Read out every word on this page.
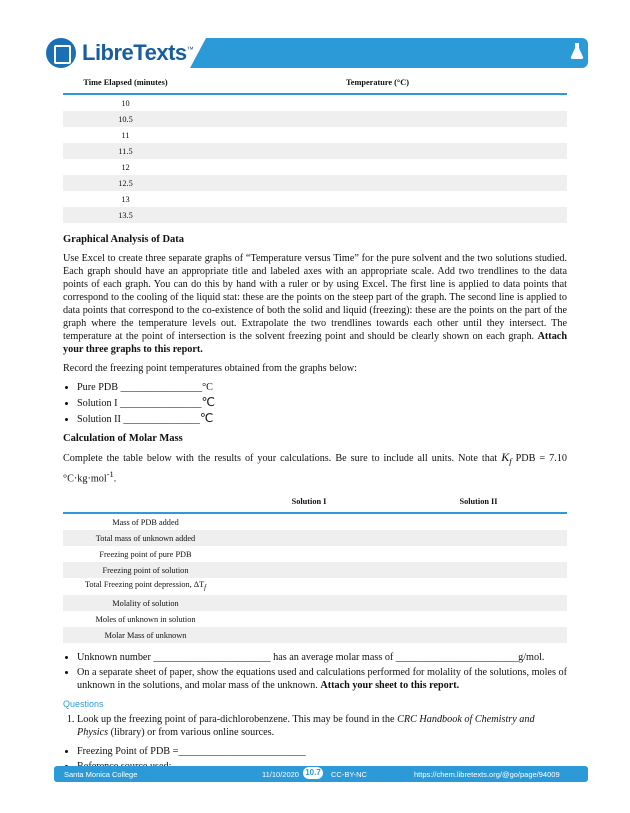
LibreTexts™
CHEMISTRY
Time Elapsed (minutes)	Temperature (°C)
10	
10.5	
11	
11.5	
12	
12.5	
13	
13.5	
Graphical Analysis of Data

Use Excel to create three separate graphs of “Temperature versus Time” for the pure solvent and the two solutions studied. Each graph should have an appropriate title and labeled axes with an appropriate scale. Add two trendlines to the data points of each graph. You can do this by hand with a ruler or by using Excel. The first line is applied to data points that correspond to the cooling of the liquid stat: these are the points on the steep part of the graph. The second line is applied to data points that correspond to the co-existence of both the solid and liquid (freezing): these are the points on the part of the graph where the temperature levels out. Extrapolate the two trendlines towards each other until they intersect. The temperature at the point of intersection is the solvent freezing point and should be clearly shown on each graph. Attach your three graphs to this report.

Record the freezing point temperatures obtained from the graphs below:

• Pure PDB ________________°C
• Solution I ________________℃
• Solution II _______________℃
Calculation of Molar Mass

Complete the table below with the results of your calculations. Be sure to include all units. Note that $K_f$ PDB = 7.10 °C·kg·mol$^{-1}$.

	Solution I	Solution II
Mass of PDB added		
Total mass of unknown added		
Freezing point of pure PDB		
Freezing point of solution		
Total Freezing point depression, $\Delta T_f$		
Molality of solution		
Moles of unknown in solution		
Molar Mass of unknown		
• Unknown number _______________________ has an average molar mass of ________________________g/mol.
• On a separate sheet of paper, show the equations used and calculations performed for molality of the solutions, moles of unknown in the solutions, and molar mass of the unknown. Attach your sheet to this report.
Questions
1. Look up the freezing point of para-dichlorobenzene. This may be found in the CRC Handbook of Chemistry and Physics (library) or from various online sources.
• Freezing Point of PDB =_________________________
•
Santa Monica College	11/10/2020 10.7 CC-BY-NC	https://chem.libretexts.org/@go/page/94009
